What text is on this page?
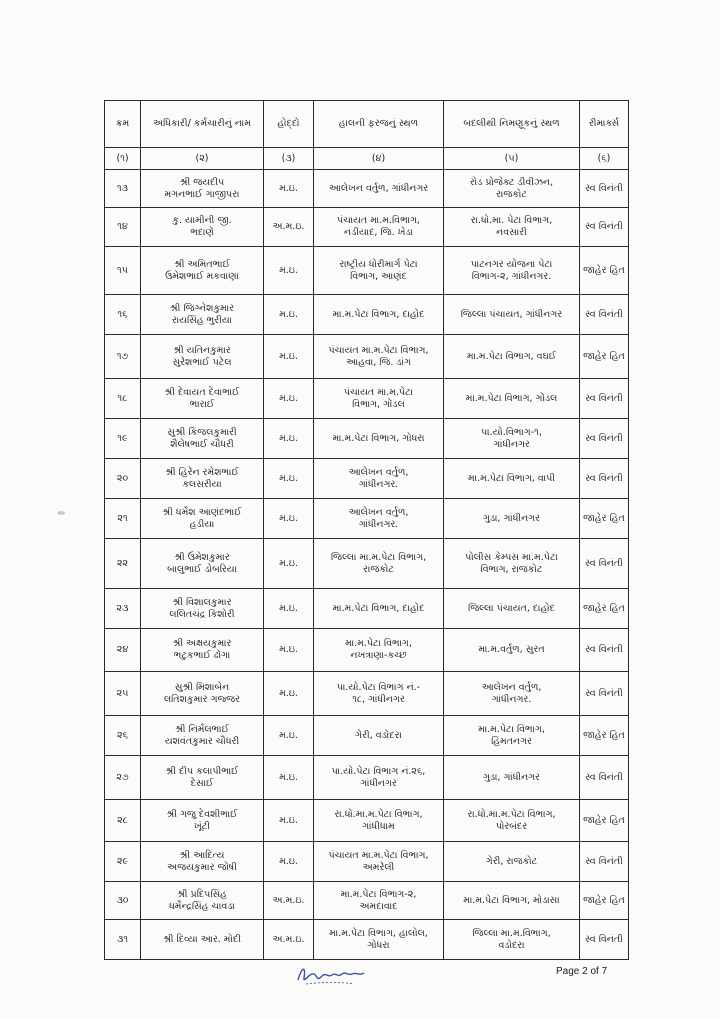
ક્રમ	અધિકારી/ કર્મચારીનું નામ	હોદ્દો	હાલની ફરજનું સ્થળ	બદલીથી નિમણૂકનું સ્થળ	રીમાર્ક્સ
(૧)	(૨)	(૩)	(૪)	(૫)	(૬)
૧૩	શ્રી જયદીપ
મગનભાઈ ગાજીપરા	મ.ઇ.	આલેખન વર્તુળ, ગાંધીનગર	રોડ પ્રોજેક્ટ ડીવીઝન,
રાજકોટ	સ્વ વિનંતી
૧૪	કુ. યામીની જી.
ભદાણે	અ.મ.ઇ.	પંચાયત મા.મ.વિભાગ,
નડીયાદ, જિ. ખેડા	રા.ધો.મા. પેટા વિભાગ,
નવસારી	સ્વ વિનંતી
૧૫	શ્રી અમિતભાઈ
ઉમેશભાઈ મકવાણા	મ.ઇ.	રાષ્ટ્રીય ધોરીમાર્ગ પેટા
વિભાગ, આણંદ	પાટનગર યોજના પેટા
વિભાગ-૨, ગાંધીનગર.	જાહેર હિત
૧૬	શ્રી જિગ્નેશકુમાર
રાયસિંહ ભુરીયા	મ.ઇ.	મા.મ.પેટા વિભાગ, દાહોદ	જિલ્લા પંચાયત, ગાંધીનગર	સ્વ વિનંતી
૧૭	શ્રી યતિનકુમાર
સુરેશભાઈ પટેલ	મ.ઇ.	પંચાયત મા.મ.પેટા વિભાગ,
આહવા, જિ. ડાંગ	મા.મ.પેટા વિભાગ, વઘઈ	જાહેર હિત
૧૮	શ્રી દેવાયત દેવાભાઈ
ભારાઈ	મ.ઇ.	પંચાયત મા.મ.પેટા
વિભાગ, ગોંડલ	મા.મ.પેટા વિભાગ, ગોંડલ	સ્વ વિનંતી
૧૯	સુશ્રી કિંજલકુમારી
શૈલેષભાઈ ચૌધરી	મ.ઇ.	મા.મ.પેટા વિભાગ, ગોધરા	પા.યો.વિભાગ-૧,
ગાંધીનગર	સ્વ વિનંતી
૨૦	શ્રી હિરેન રમેશભાઈ
કલસરીયા	મ.ઇ.	આલેખન વર્તુળ,
ગાંધીનગર.	મા.મ.પેટા વિભાગ, વાપી	સ્વ વિનંતી
૨૧	શ્રી ધર્મેશ આણંદભાઈ
હડીયા	મ.ઇ.	આલેખન વર્તુળ,
ગાંધીનગર.	ગુડા, ગાંધીનગર	જાહેર હિત
૨૨	શ્રી ઉમેશકુમાર
બાલુભાઈ ડોબરિયા	મ.ઇ.	જિલ્લા મા.મ.પેટા વિભાગ,
રાજકોટ	પોલીસ કેમ્પસ મા.મ.પેટા
વિભાગ, રાજકોટ	સ્વ વિનંતી
૨૩	શ્રી વિશાલકુમાર
લલિતચંદ્ર કિશોરી	મ.ઇ.	મા.મ.પેટા વિભાગ, દાહોદ	જિલ્લા પંચાયત, દાહોદ	જાહેર હિત
૨૪	શ્રી અક્ષયકુમાર
ભટુકભાઈ ઢોંગા	મ.ઇ.	મા.મ.પેટા વિભાગ,
નખત્રાણા-કચ્છ	મા.મ.વર્તુળ, સુરત	સ્વ વિનંતી
૨૫	સુશ્રી મિશાબેન
લતિશકુમાર ગજ્જર	મ.ઇ.	પા.યો.પેટા વિભાગ નં.-
૧૮, ગાંધીનગર	આલેખન વર્તુળ,
ગાંધીનગર.	સ્વ વિનંતી
૨૬	શ્રી નિર્મલભાઈ
યશવંતકુમાર ચૌધરી	મ.ઇ.	ગેરી, વડોદરા	મા.મ.પેટા વિભાગ,
હિંમતનગર	જાહેર હિત
૨૭	શ્રી દીપ કલાપીભાઈ
દેસાઈ	મ.ઇ.	પા.યો.પેટા વિભાગ નં.૨૬,
ગાંધીનગર	ગુડા, ગાંધીનગર	સ્વ વિનંતી
૨૮	શ્રી ગજુ દેવશીભાઈ
ખૂંટી	મ.ઇ.	રા.ધો.મા.મ.પેટા વિભાગ,
ગાંધીધામ	રા.ધો.મા.મ.પેટા વિભાગ,
પોરબંદર	જાહેર હિત
૨૯	શ્રી આદિત્ય
અજયકુમાર જોષી	મ.ઇ.	પંચાયત મા.મ.પેટા વિભાગ,
અમરેલી	ગેરી, રાજકોટ	સ્વ વિનંતી
૩૦	શ્રી પ્રદિપસિંહ
ધર્મેન્દ્રસિંહ ચાવડા	અ.મ.ઇ.	મા.મ.પેટા વિભાગ-૨,
અમદાવાદ	મા.મ.પેટા વિભાગ, મોડાસા	જાહેર હિત
૩૧	શ્રી દિવ્યા આર. મોદી	અ.મ.ઇ.	મા.મ.પેટા વિભાગ, હાલોલ,
ગોધરા	જિલ્લા મા.મ.વિભાગ,
વડોદરા	સ્વ વિનંતી
Page 2 of 7
